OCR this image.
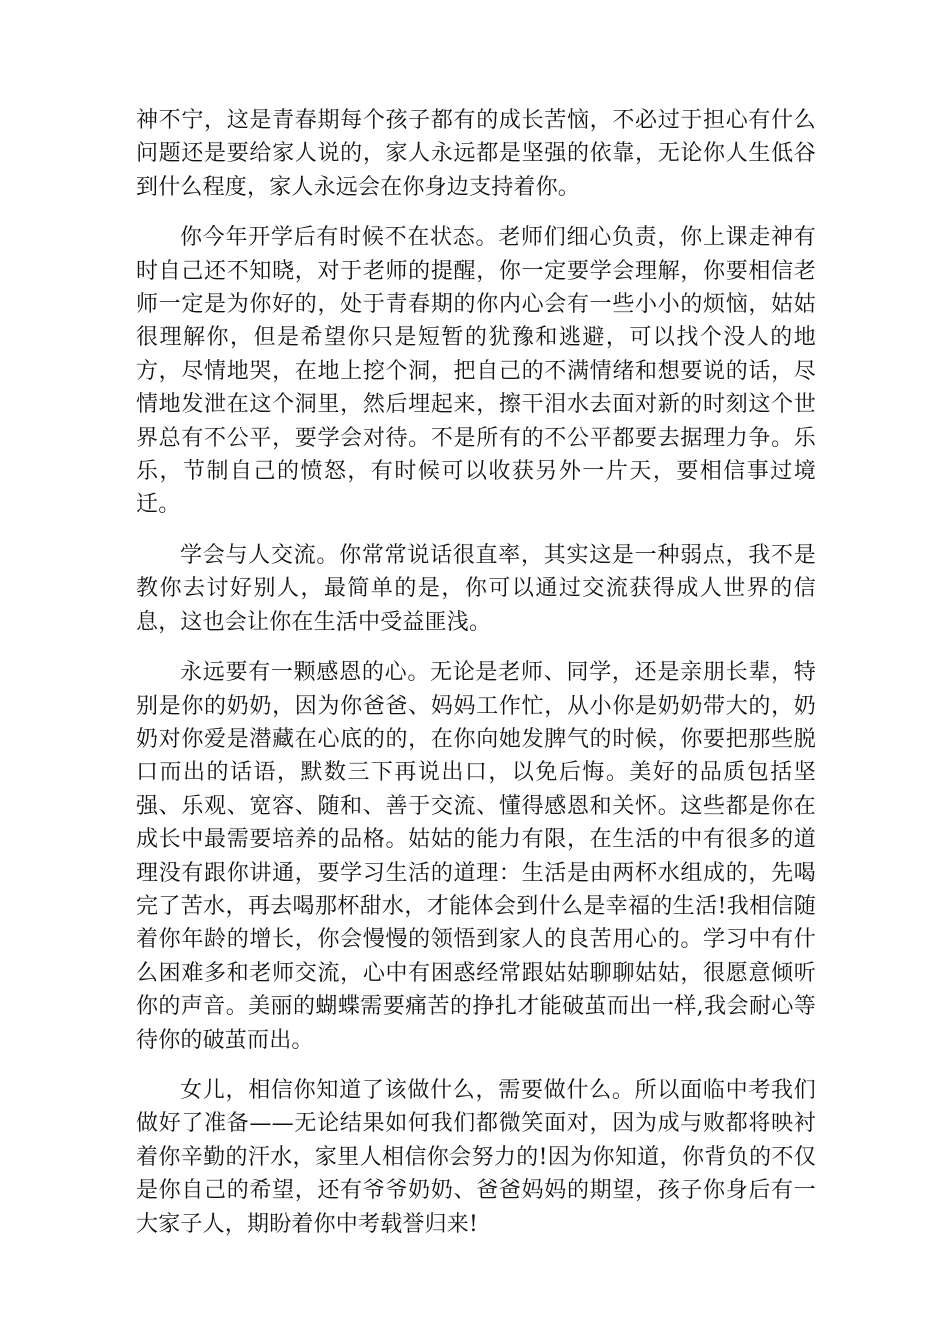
神不宁，这是青春期每个孩子都有的成长苦恼，不必过于担心有什么问题还是要给家人说的，家人永远都是坚强的依靠，无论你人生低谷到什么程度，家人永远会在你身边支持着你。

你今年开学后有时候不在状态。老师们细心负责，你上课走神有时自己还不知晓，对于老师的提醒，你一定要学会理解，你要相信老师一定是为你好的，处于青春期的你内心会有一些小小的烦恼，姑姑很理解你，但是希望你只是短暂的犹豫和逃避，可以找个没人的地方，尽情地哭，在地上挖个洞，把自己的不满情绪和想要说的话，尽情地发泄在这个洞里，然后埋起来，擦干泪水去面对新的时刻这个世界总有不公平，要学会对待。不是所有的不公平都要去据理力争。乐乐，节制自己的愤怒，有时候可以收获另外一片天，要相信事过境迁。

学会与人交流。你常常说话很直率，其实这是一种弱点，我不是教你去讨好别人，最简单的是，你可以通过交流获得成人世界的信息，这也会让你在生活中受益匪浅。

永远要有一颗感恩的心。无论是老师、同学，还是亲朋长辈，特别是你的奶奶，因为你爸爸、妈妈工作忙，从小你是奶奶带大的，奶奶对你爱是潜藏在心底的的，在你向她发脾气的时候，你要把那些脱口而出的话语，默数三下再说出口，以免后悔。美好的品质包括坚强、乐观、宽容、随和、善于交流、懂得感恩和关怀。这些都是你在成长中最需要培养的品格。姑姑的能力有限，在生活的中有很多的道理没有跟你讲通，要学习生活的道理：生活是由两杯水组成的，先喝完了苦水，再去喝那杯甜水，才能体会到什么是幸福的生活!我相信随着你年龄的增长，你会慢慢的领悟到家人的良苦用心的。学习中有什么困难多和老师交流，心中有困惑经常跟姑姑聊聊姑姑，很愿意倾听你的声音。美丽的蝴蝶需要痛苦的挣扎才能破茧而出一样,我会耐心等待你的破茧而出。

女儿，相信你知道了该做什么，需要做什么。所以面临中考我们做好了准备——无论结果如何我们都微笑面对，因为成与败都将映衬着你辛勤的汗水，家里人相信你会努力的!因为你知道，你背负的不仅是你自己的希望，还有爷爷奶奶、爸爸妈妈的期望，孩子你身后有一大家子人，期盼着你中考载誉归来!
